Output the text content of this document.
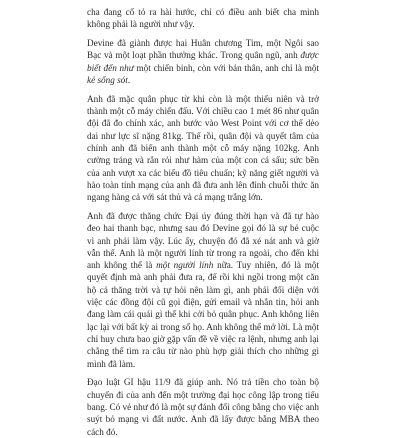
cha đang cố tỏ ra hài hước, chỉ có điều anh biết cha mình không phải là người như vậy.

Devine đã giành được hai Huân chương Tim, một Ngôi sao Bạc và một loạt phần thưởng khác. Trong quân ngũ, anh được biết đến như một chiến binh, còn với bản thân, anh chỉ là một kẻ sống sót.

Anh đã mặc quân phục từ khi còn là một thiếu niên và trở thành một cỗ máy chiến đấu. Với chiều cao 1 mét 86 như quân đội đã đo chính xác, anh bước vào West Point với cơ thể dẻo dai như lực sĩ nặng 81kg. Thể rồi, quân đội và quyết tâm của chính anh đã biến anh thành một cỗ máy nặng 102kg. Anh cường tráng và rắn rỏi như hàm của một con cá sấu; sức bền của anh vượt xa các biểu đồ tiêu chuẩn; kỹ năng giết người và hào toàn tính mạng của anh đã đưa anh lên đỉnh chuỗi thức ăn ngang hàng cả với sát thủ và cả mạng trắng lớn.

Anh đã được thăng chức Đại úy đúng thời hạn và đã tự hào đeo hai thanh bạc, nhưng sau đó Devine gọi đó là sự bẻ cuộc vì anh phải làm vậy. Lúc ấy, chuyện đó đã xé nát anh và giờ vẫn thế. Anh là một người lính từ trong ra ngoài, cho đến khi anh không thể là một người lính nữa. Tuy nhiên, đó là một quyết định mà anh phải đưa ra, để rồi khi ngồi trong một căn hộ cả thăng trời và tự hỏi nên làm gì, anh phải đối diện với việc các đồng đội cũ gọi điện, gửi email và nhắn tin, hỏi anh đang làm cái quái gì thế khi cởi bỏ quân phục. Anh không liên lạc lại với bất kỳ ai trong số họ. Anh không thể mở lời. Là một chỉ huy chưa bao giờ gặp vấn đề về việc ra lệnh, nhưng anh lại chẳng thể tìm ra câu từ nào phù hợp giải thích cho những gì mình đã làm.

Đạo luật GI hậu 11/9 đã giúp anh. Nó trả tiền cho toàn bộ chuyến đi của anh đến một trường đại học công lập trong tiểu bang. Có vẻ như đó là một sự đánh đổi công bằng cho việc anh suýt bỏ mạng vì đất nước. Anh đã lấy được bằng MBA theo cách đó.
